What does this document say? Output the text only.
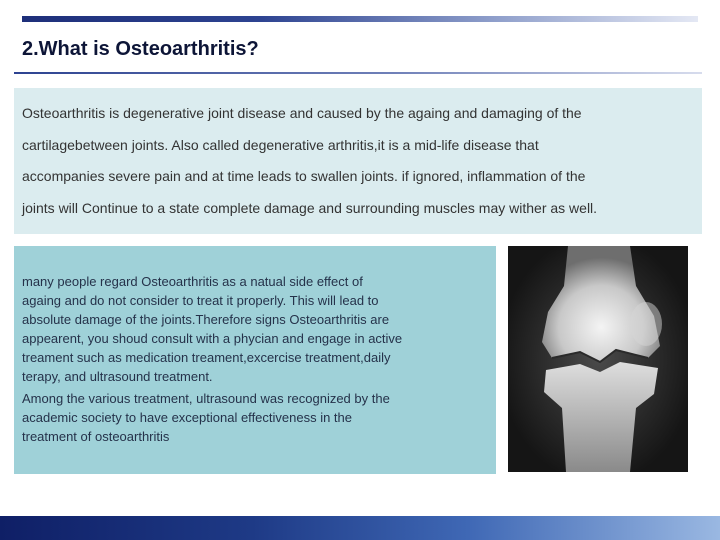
2.What is Osteoarthritis?

Osteoarthritis is degenerative joint disease and caused by the againg and damaging of the

cartilagebetween joints. Also called degenerative arthritis,it is a mid-life disease that

accompanies severe pain and at time leads to swallen joints. if ignored, inflammation of the

joints will Continue to a state complete damage and surrounding muscles may wither as well.

many people regard Osteoarthritis as a natual side effect of
againg and do not consider to treat it properly. This will lead to
absolute damage of the joints.Therefore signs Osteoarthritis are
appearent, you shoud consult with a phycian and engage in active
treament such as medication treament,excercise treatment,daily
terapy, and ultrasound treatment.
Among the various treatment, ultrasound was recognized by the
academic society to have exceptional effectiveness in the
treatment of osteoarthritis
